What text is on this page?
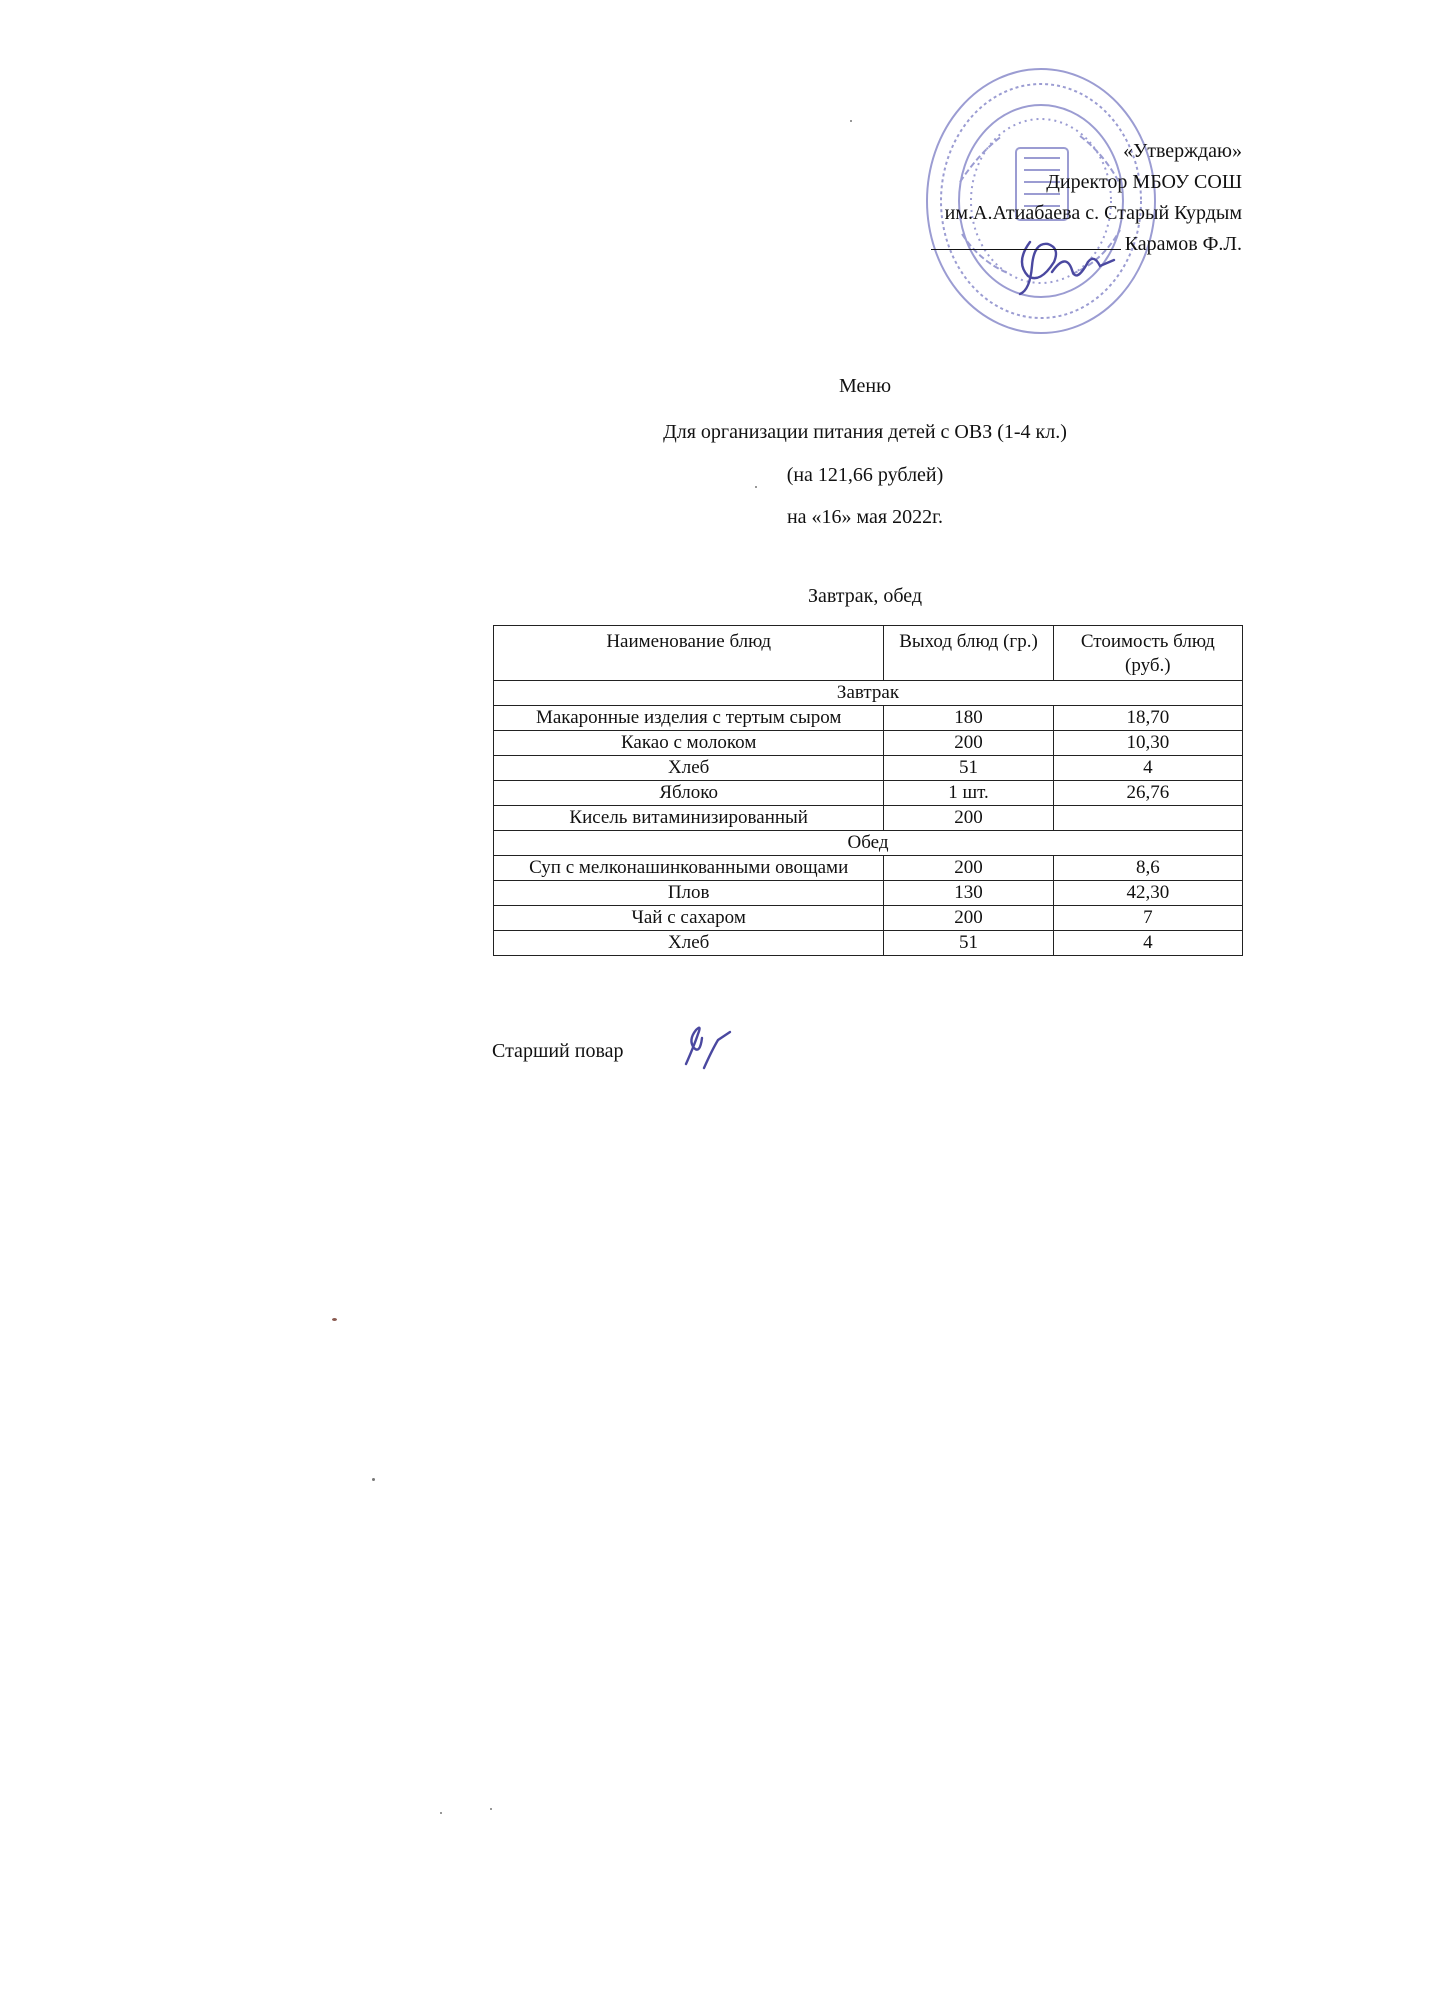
«Утверждаю»
Директор МБОУ СОШ
им.А.Атиабаева с. Старый Курдым
Карамов Ф.Л.
Меню
Для организации питания детей с ОВЗ (1-4 кл.)
(на 121,66 рублей)
на «16» мая 2022г.
Завтрак, обед
Наименование блюд	Выход блюд (гр.)	Стоимость блюд (руб.)
Завтрак		
Макаронные изделия с тертым сыром	180	18,70
Какао с молоком	200	10,30
Хлеб	51	4
Яблоко	1 шт.	26,76
Кисель витаминизированный	200	
Обед		
Суп с мелконашинкованными овощами	200	8,6
Плов	130	42,30
Чай с сахаром	200	7
Хлеб	51	4
Старший повар
